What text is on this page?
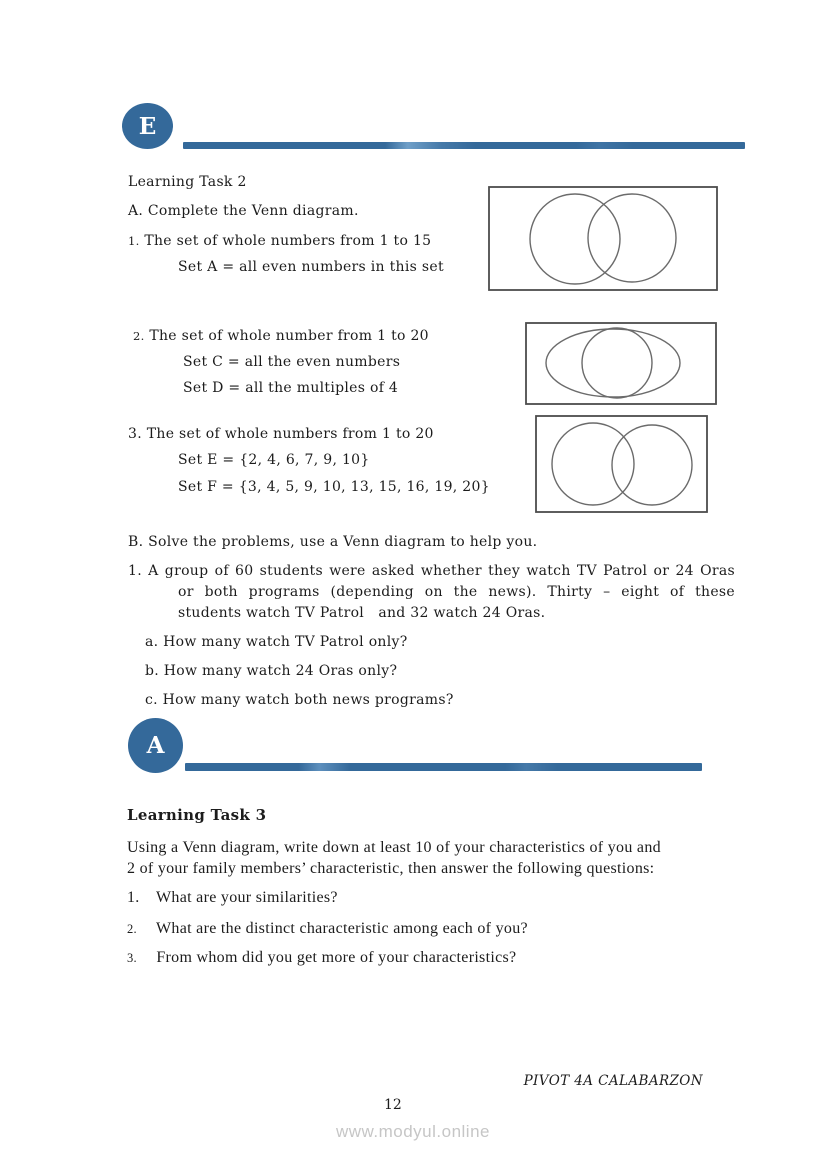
E
Learning Task 2
A. Complete the Venn diagram.
1. The set of whole numbers from 1 to 15
Set A = all even numbers in this set
2. The set of whole number from 1 to 20
Set C = all the even numbers
Set D = all the multiples of 4
3. The set of whole numbers from 1 to 20
Set E = {2, 4, 6, 7, 9, 10}
Set F = {3, 4, 5, 9, 10, 13, 15, 16, 19, 20}
B. Solve the problems, use a Venn diagram to help you.
1. A group of 60 students were asked whether they watch TV Patrol or 24 Oras
or both programs (depending on the news). Thirty – eight of these
students watch TV Patrol   and 32 watch 24 Oras.
a. How many watch TV Patrol only?
b. How many watch 24 Oras only?
c. How many watch both news programs?
A
Learning Task 3
Using a Venn diagram, write down at least 10 of your characteristics of you and
2 of your family members’ characteristic, then answer the following questions:
1. What are your similarities?
2. What are the distinct characteristic among each of you?
3. From whom did you get more of your characteristics?
PIVOT 4A CALABARZON
12
www.modyul.online
